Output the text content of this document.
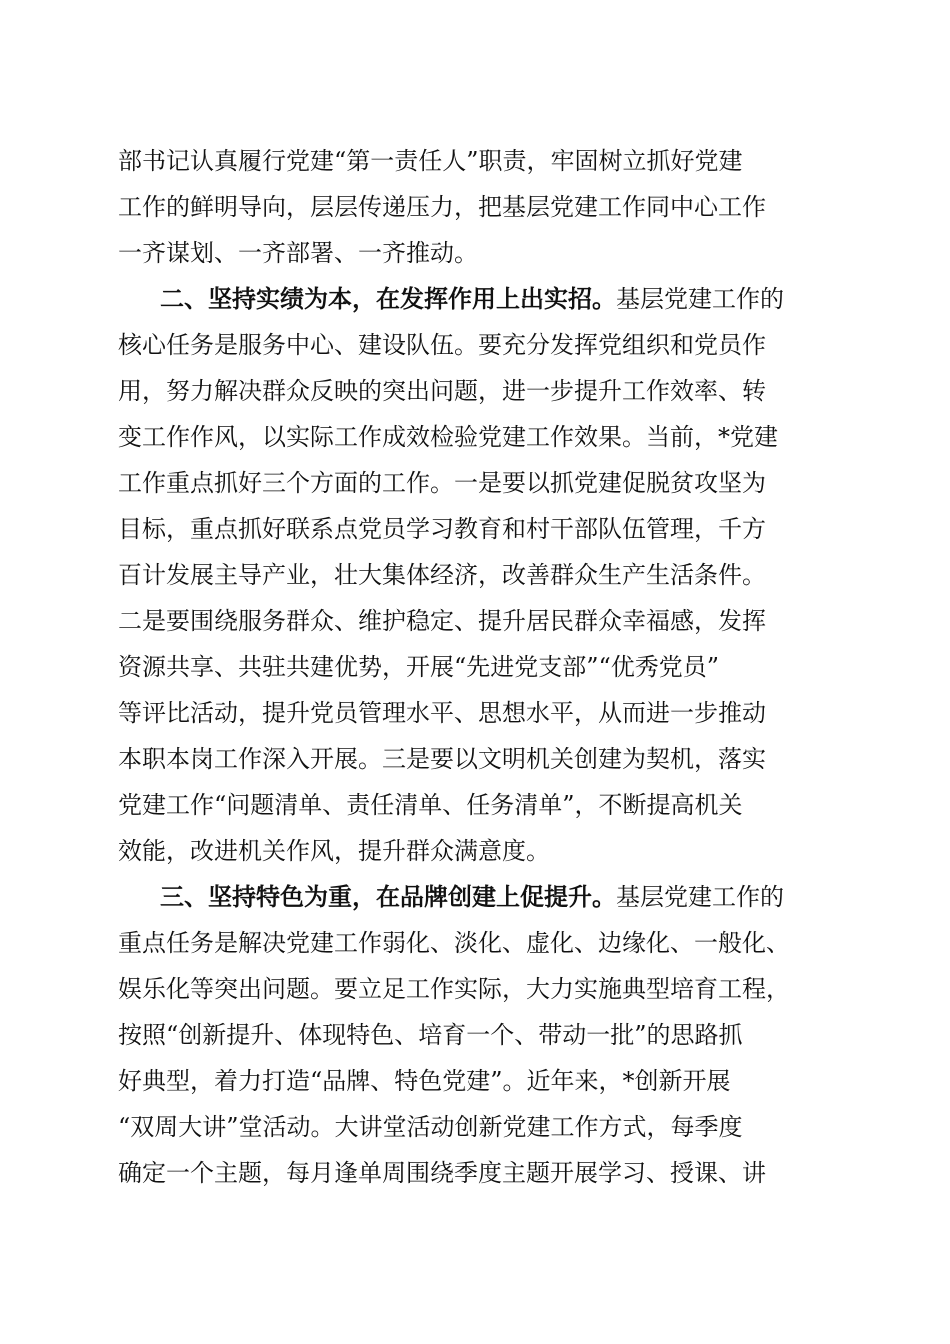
部书记认真履行党建“第一责任人”职责，牢固树立抓好党建
工作的鲜明导向，层层传递压力，把基层党建工作同中心工作
一齐谋划、一齐部署、一齐推动。
二、坚持实绩为本，在发挥作用上出实招。基层党建工作的
核心任务是服务中心、建设队伍。要充分发挥党组织和党员作
用，努力解决群众反映的突出问题，进一步提升工作效率、转
变工作作风，以实际工作成效检验党建工作效果。当前，*党建
工作重点抓好三个方面的工作。一是要以抓党建促脱贫攻坚为
目标，重点抓好联系点党员学习教育和村干部队伍管理，千方
百计发展主导产业，壮大集体经济，改善群众生产生活条件。
二是要围绕服务群众、维护稳定、提升居民群众幸福感，发挥
资源共享、共驻共建优势，开展“先进党支部”“优秀党员”
等评比活动，提升党员管理水平、思想水平，从而进一步推动
本职本岗工作深入开展。三是要以文明机关创建为契机，落实
党建工作“问题清单、责任清单、任务清单”，不断提高机关
效能，改进机关作风，提升群众满意度。
三、坚持特色为重，在品牌创建上促提升。基层党建工作的
重点任务是解决党建工作弱化、淡化、虚化、边缘化、一般化、
娱乐化等突出问题。要立足工作实际，大力实施典型培育工程，
按照“创新提升、体现特色、培育一个、带动一批”的思路抓
好典型，着力打造“品牌、特色党建”。近年来，*创新开展
“双周大讲”堂活动。大讲堂活动创新党建工作方式，每季度
确定一个主题，每月逢单周围绕季度主题开展学习、授课、讲
